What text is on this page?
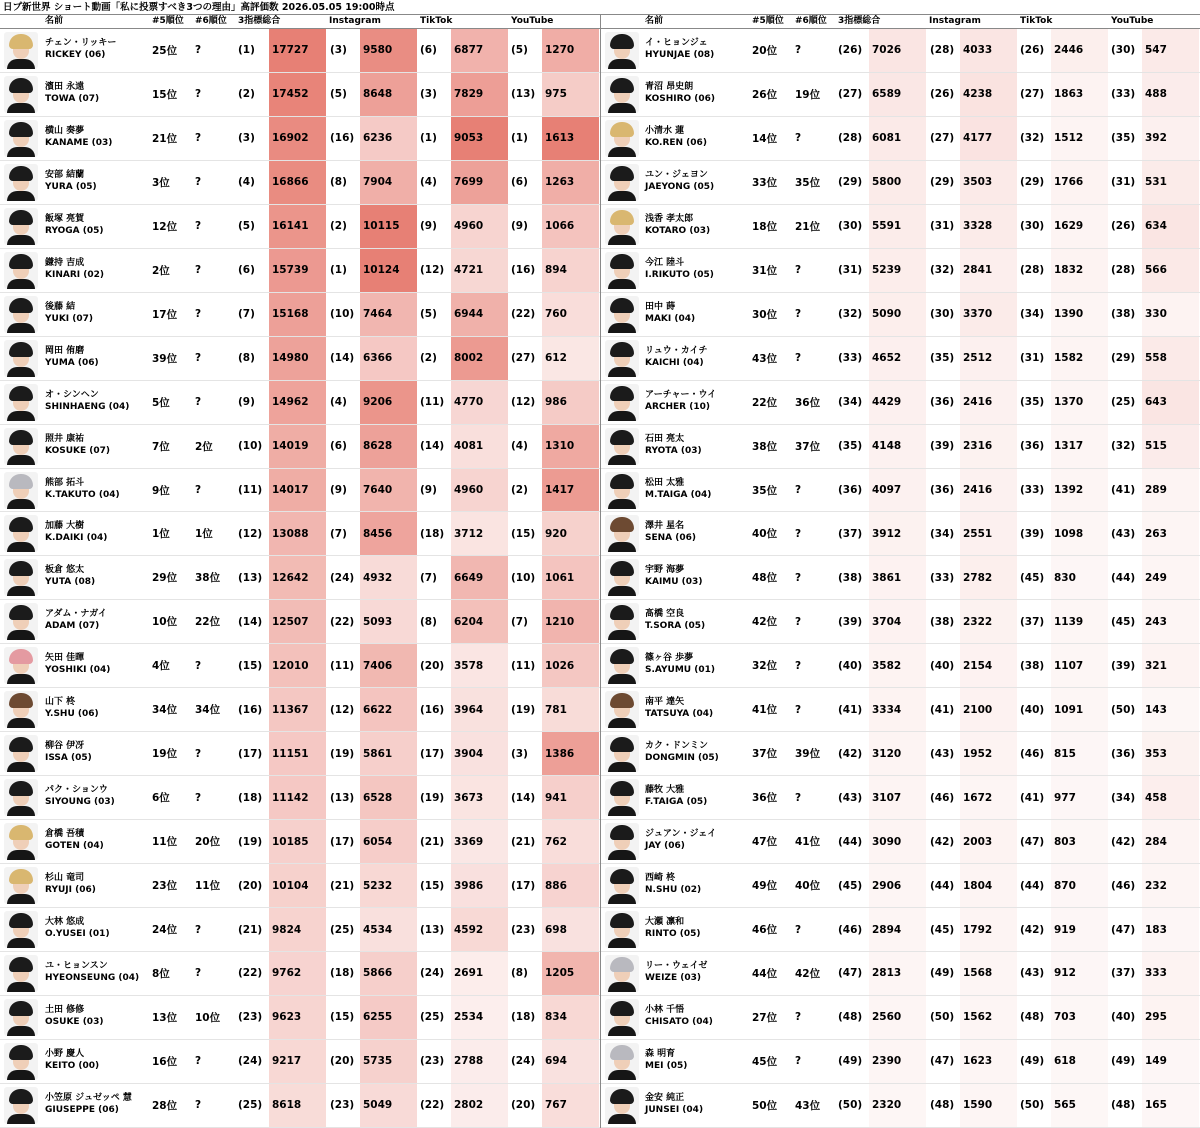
日プ新世界 ショート動画「私に投票すべき3つの理由」高評価数 2026.05.05 19:00時点
名前	#5順位 #6順位 3指標総合	Instagram	TikTok	YouTube
チェン・リッキー
RICKEY (06)	25位 ?	(1) 17727 (3) 9580	(6) 6877	(5) 1270
濱田 永遠
TOWA (07)	15位 ?	(2) 17452 (5) 8648	(3) 7829	(13) 975
横山 奏夢
KANAME (03)	21位 ?	(3) 16902 (16) 6236	(1) 9053	(1) 1613
安部 結蘭
YURA (05)	3位 ?	(4) 16866 (8) 7904	(4) 7699	(6) 1263
飯塚 亮賀
RYOGA (05)	12位 ?	(5) 16141 (2) 10115 (9) 4960	(9) 1066
鎌持 吉成
KINARI (02)	2位 ?	(6) 15739 (1) 10124 (12) 4721	(16) 894
後藤 結
YUKI (07)	17位 ?	(7) 15168 (10) 7464	(5) 6944	(22) 760
岡田 侑磨
YUMA (06)	39位 ?	(8) 14980 (14) 6366	(2) 8002	(27) 612
オ・シンヘン
SHINHAENG (04) 5位 ?	(9) 14962 (4) 9206	(11) 4770	(12) 986
照井 康祐
KOSUKE (07)	7位 2位 (10) 14019 (6) 8628	(14) 4081	(4) 1310
熊部 拓斗
K.TAKUTO (04)	9位 ?	(11) 14017 (9) 7640	(9) 4960	(2) 1417
加藤 大樹
K.DAIKI (04)	1位 1位 (12) 13088 (7) 8456	(18) 3712	(15) 920
板倉 悠太
YUTA (08)	29位 38位 (13) 12642 (24) 4932	(7) 6649	(10) 1061
アダム・ナガイ
ADAM (07)	10位 22位 (14) 12507 (22) 5093	(8) 6204	(7) 1210
矢田 佳暉
YOSHIKI (04)	4位 ?	(15) 12010 (11) 7406	(20) 3578	(11) 1026
山下 柊
Y.SHU (06)	34位 34位 (16) 11367 (12) 6622	(16) 3964	(19) 781
柳谷 伊冴
ISSA (05)	19位 ?	(17) 11151 (19) 5861	(17) 3904	(3) 1386
パク・ションウ
SIYOUNG (03)	6位 ?	(18) 11142 (13) 6528	(19) 3673	(14) 941
倉橋 吾積
GOTEN (04)	11位 20位 (19) 10185 (17) 6054	(21) 3369	(21) 762
杉山 竜司
RYUJI (06)	23位 11位 (20) 10104 (21) 5232	(15) 3986	(17) 886
大林 悠成
O.YUSEI (01)	24位 ?	(21) 9824	(25) 4534	(13) 4592	(23) 698
ユ・ヒョンスン
HYEONSEUNG (04) 8位 ?	(22) 9762	(18) 5866	(24) 2691	(8) 1205
土田 修修
OSUKE (03)	13位 10位 (23) 9623	(15) 6255	(25) 2534	(18) 834
小野 慶人
KEITO (00)	16位 ?	(24) 9217	(20) 5735	(23) 2788	(24) 694
小笠原 ジュゼッペ 慧
GIUSEPPE (06)	28位 ?	(25) 8618	(23) 5049	(22) 2802	(20) 767
名前	#5順位 #6順位 3指標総合	Instagram	TikTok	YouTube
イ・ヒョンジェ
HYUNJAE (08)	20位 ?	(26) 7026	(28) 4033	(26) 2446	(30) 547
青沼 昂史朗
KOSHIRO (06)	26位 19位 (27) 6589	(26) 4238	(27) 1863	(33) 488
小清水 蓮
KO.REN (06)	14位 ?	(28) 6081	(27) 4177	(32) 1512	(35) 392
ユン・ジェヨン
JAEYONG (05)	33位 35位 (29) 5800	(29) 3503	(29) 1766	(31) 531
浅香 孝太郎
KOTARO (03)	18位 21位 (30) 5591	(31) 3328	(30) 1629	(26) 634
今江 陸斗
I.RIKUTO (05)	31位 ?	(31) 5239	(32) 2841	(28) 1832	(28) 566
田中 蒔
MAKI (04)	30位 ?	(32) 5090	(30) 3370	(34) 1390	(38) 330
リュウ・カイチ
KAICHI (04)	43位 ?	(33) 4652	(35) 2512	(31) 1582	(29) 558
アーチャー・ウイ
ARCHER (10)	22位 36位 (34) 4429	(36) 2416	(35) 1370	(25) 643
石田 亮太
RYOTA (03)	38位 37位 (35) 4148	(39) 2316	(36) 1317	(32) 515
松田 太雅
M.TAIGA (04)	35位 ?	(36) 4097	(36) 2416	(33) 1392	(41) 289
澤井 星名
SENA (06)	40位 ?	(37) 3912	(34) 2551	(39) 1098	(43) 263
宇野 海夢
KAIMU (03)	48位 ?	(38) 3861	(33) 2782	(45) 830	(44) 249
髙橋 空良
T.SORA (05)	42位 ?	(39) 3704	(38) 2322	(37) 1139	(45) 243
篠ヶ谷 歩夢
S.AYUMU (01)	32位 ?	(40) 3582	(40) 2154	(38) 1107	(39) 321
南平 達矢
TATSUYA (04)	41位 ?	(41) 3334	(41) 2100	(40) 1091	(50) 143
カク・ドンミン
DONGMIN (05)	37位 39位 (42) 3120	(43) 1952	(46) 815	(36) 353
藤牧 大雅
F.TAIGA (05)	36位 ?	(43) 3107	(46) 1672	(41) 977	(34) 458
ジュアン・ジェイ
JAY (06)	47位 41位 (44) 3090	(42) 2003	(47) 803	(42) 284
西崎 柊
N.SHU (02)	49位 40位 (45) 2906	(44) 1804	(44) 870	(46) 232
大瀬 凛和
RINTO (05)	46位 ?	(46) 2894	(45) 1792	(42) 919	(47) 183
リー・ウェイゼ
WEIZE (03)	44位 42位 (47) 2813	(49) 1568	(43) 912	(37) 333
小林 千悟
CHISATO (04)	27位 ?	(48) 2560	(50) 1562	(48) 703	(40) 295
森 明育
MEI (05)	45位 ?	(49) 2390	(47) 1623	(49) 618	(49) 149
金安 純正
JUNSEI (04)	50位 43位 (50) 2320	(48) 1590	(50) 565	(48) 165
